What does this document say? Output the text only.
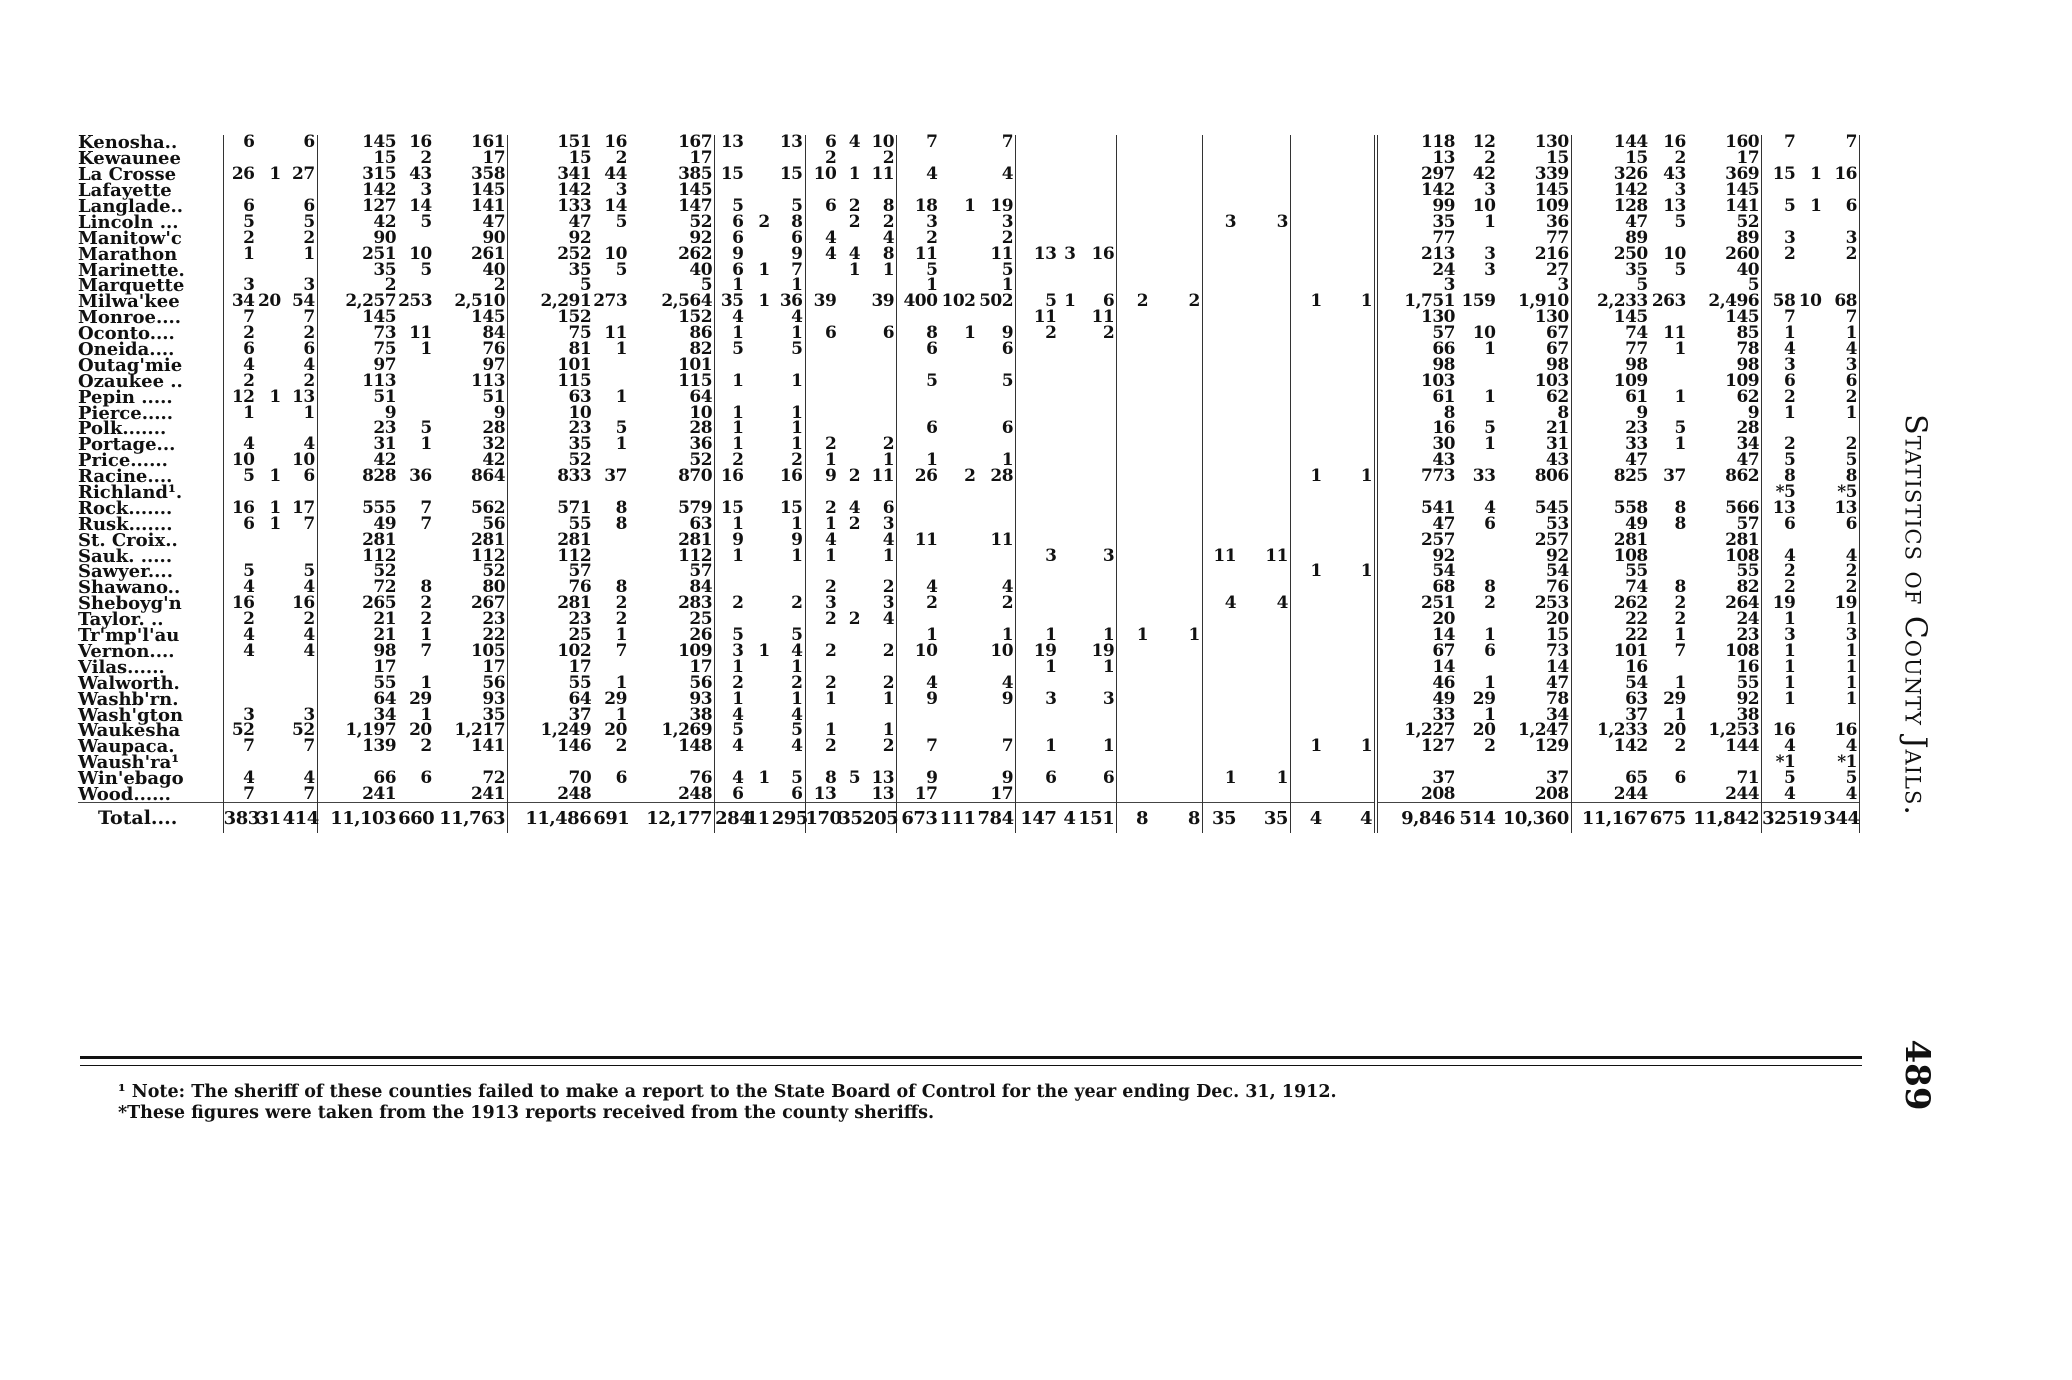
Kenosha..	6		6	145	16	161	151	16	167	13		13	6	4	10	7		7													118	12	130	144	16	160	7		7
Kewaunee				15	2	17	15	2	17				2		2																13	2	15	15	2	17			
La Crosse	26	1	27	315	43	358	341	44	385	15		15	10	1	11	4		4													297	42	339	326	43	369	15	1	16
Lafayette				142	3	145	142	3	145																						142	3	145	142	3	145			
Langlade..	6		6	127	14	141	133	14	147	5		5	6	2	8	18	1	19													99	10	109	128	13	141	5	1	6
Lincoln ...	5		5	42	5	47	47	5	52	6	2	8		2	2	3		3							3		3				35	1	36	47	5	52			
Manitow'c	2		2	90		90	92		92	6		6	4		4	2		2													77		77	89		89	3		3
Marathon	1		1	251	10	261	252	10	262	9		9	4	4	8	11		11	13	3	16										213	3	216	250	10	260	2		2
Marinette.				35	5	40	35	5	40	6	1	7		1	1	5		5													24	3	27	35	5	40			
Marquette	3		3	2		2	5		5	1		1				1		1													3		3	5		5			
Milwa'kee	34	20	54	2,257	253	2,510	2,291	273	2,564	35	1	36	39		39	400	102	502	5	1	6	2		2				1		1	1,751	159	1,910	2,233	263	2,496	58	10	68
Monroe....	7		7	145		145	152		152	4		4							11		11										130		130	145		145	7		7
Oconto....	2		2	73	11	84	75	11	86	1		1	6		6	8	1	9	2		2										57	10	67	74	11	85	1		1
Oneida....	6		6	75	1	76	81	1	82	5		5				6		6													66	1	67	77	1	78	4		4
Outag'mie	4		4	97		97	101		101																						98		98	98		98	3		3
Ozaukee ..	2		2	113		113	115		115	1		1				5		5													103		103	109		109	6		6
Pepin .....	12	1	13	51		51	63	1	64																						61	1	62	61	1	62	2		2
Pierce.....	1		1	9		9	10		10	1		1																			8		8	9		9	1		1
Polk.......				23	5	28	23	5	28	1		1				6		6													16	5	21	23	5	28			
Portage...	4		4	31	1	32	35	1	36	1		1	2		2																30	1	31	33	1	34	2		2
Price......	10		10	42		42	52		52	2		2	1		1	1		1													43		43	47		47	5		5
Racine....	5	1	6	828	36	864	833	37	870	16		16	9	2	11	26	2	28										1		1	773	33	806	825	37	862	8		8
Richland¹.																																					*5		*5
Rock.......	16	1	17	555	7	562	571	8	579	15		15	2	4	6																541	4	545	558	8	566	13		13
Rusk.......	6	1	7	49	7	56	55	8	63	1		1	1	2	3																47	6	53	49	8	57	6		6
St. Croix..				281		281	281		281	9		9	4		4	11		11													257		257	281		281			
Sauk. .....				112		112	112		112	1		1	1		1				3		3				11		11				92		92	108		108	4		4
Sawyer....	5		5	52		52	57		57																			1		1	54		54	55		55	2		2
Shawano..	4		4	72	8	80	76	8	84				2		2	4		4													68	8	76	74	8	82	2		2
Sheboyg'n	16		16	265	2	267	281	2	283	2		2	3		3	2		2							4		4				251	2	253	262	2	264	19		19
Taylor. ..	2		2	21	2	23	23	2	25				2	2	4																20		20	22	2	24	1		1
Tr'mp'l'au	4		4	21	1	22	25	1	26	5		5				1		1	1		1	1		1							14	1	15	22	1	23	3		3
Vernon....	4		4	98	7	105	102	7	109	3	1	4	2		2	10		10	19		19										67	6	73	101	7	108	1		1
Vilas......				17		17	17		17	1		1							1		1										14		14	16		16	1		1
Walworth.				55	1	56	55	1	56	2		2	2		2	4		4													46	1	47	54	1	55	1		1
Washb'rn.				64	29	93	64	29	93	1		1	1		1	9		9	3		3										49	29	78	63	29	92	1		1
Wash'gton	3		3	34	1	35	37	1	38	4		4																			33	1	34	37	1	38			
Waukesha	52		52	1,197	20	1,217	1,249	20	1,269	5		5	1		1																1,227	20	1,247	1,233	20	1,253	16		16
Waupaca.	7		7	139	2	141	146	2	148	4		4	2		2	7		7	1		1							1		1	127	2	129	142	2	144	4		4
Waush'ra¹																																					*1		*1
Win'ebago	4		4	66	6	72	70	6	76	4	1	5	8	5	13	9		9	6		6				1		1				37		37	65	6	71	5		5
Wood......	7		7	241		241	248		248	6		6	13		13	17		17													208		208	244		244	4		4
Total....	383	31	414	11,103	660	11,763	11,486	691	12,177	284	11	295	170	35	205	673	111	784	147	4	151	8		8	35		35	4		4	9,846	514	10,360	11,167	675	11,842	325	19	344
¹ Note: The sheriff of these counties failed to make a report to the State Board of Control for the year ending Dec. 31, 1912.
*These figures were taken from the 1913 reports received from the county sheriffs.
Statistics of County Jails.
489
